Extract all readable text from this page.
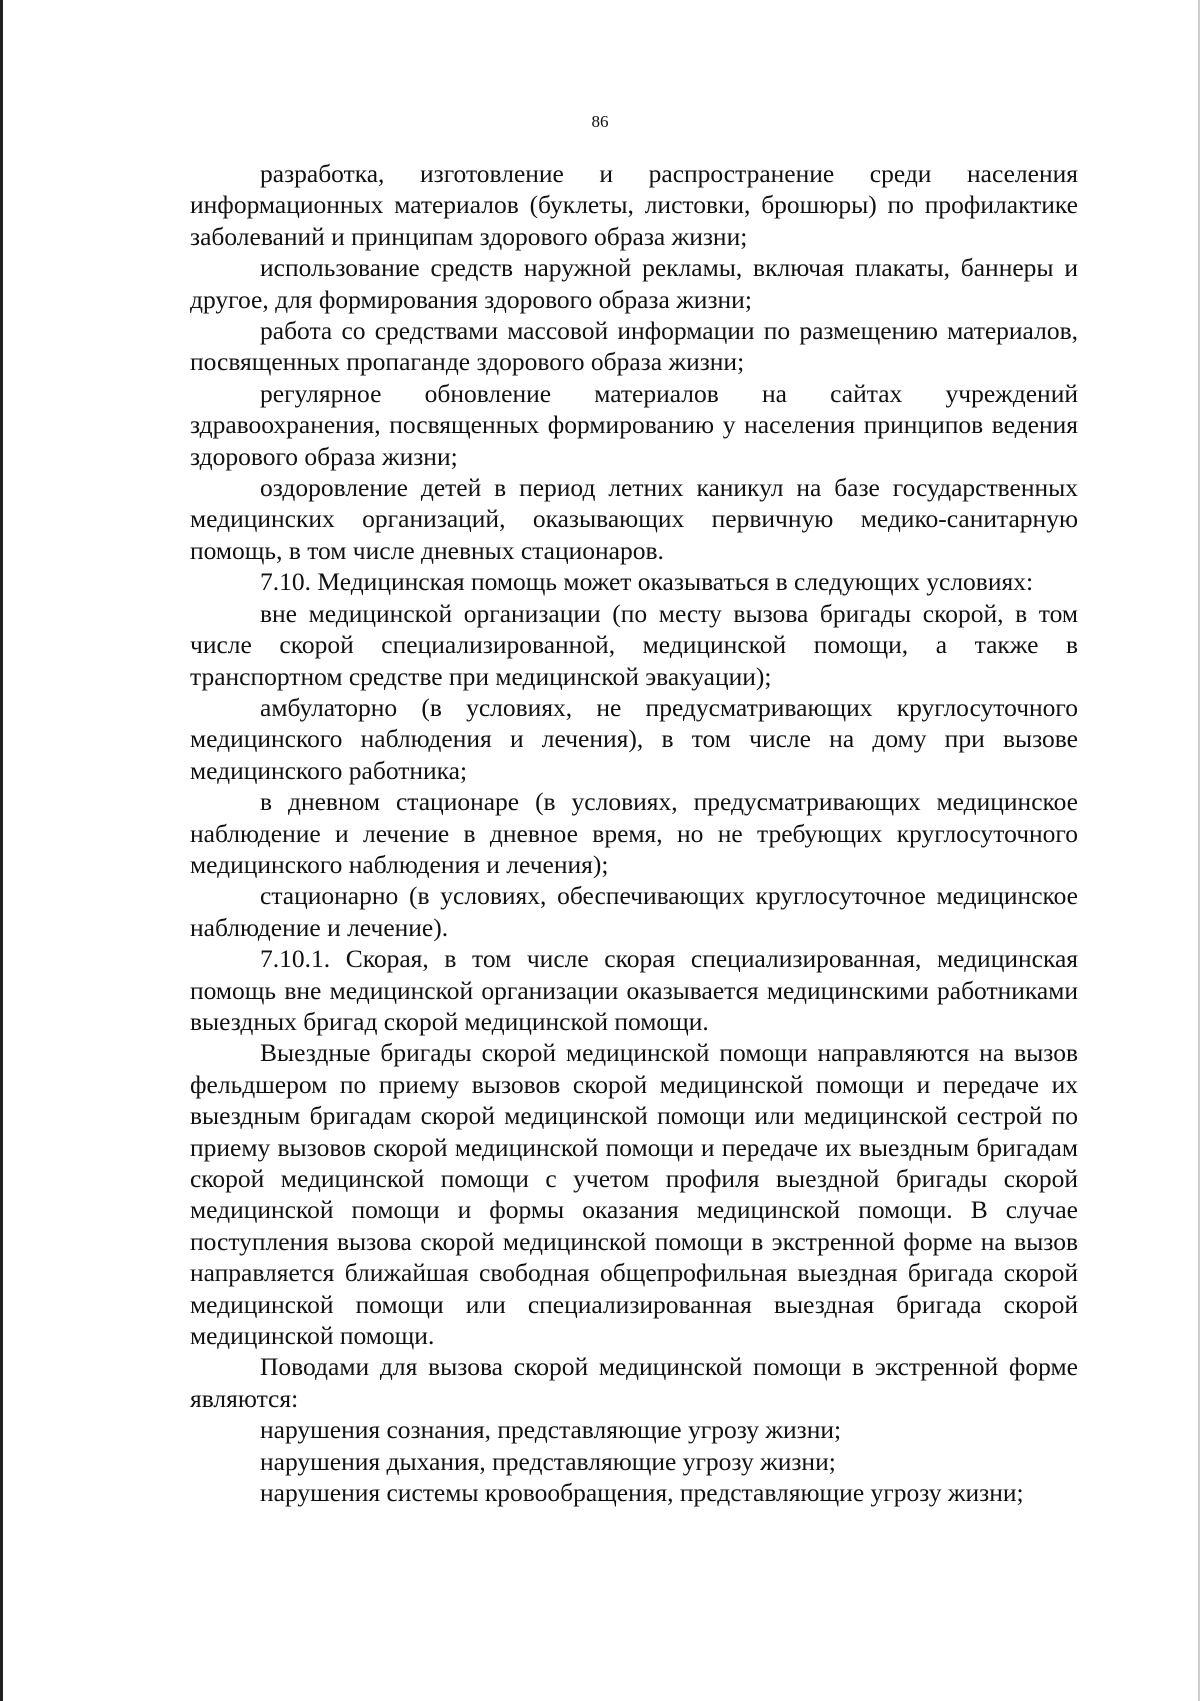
86

разработка, изготовление и распространение среди населения информационных материалов (буклеты, листовки, брошюры) по профилактике заболеваний и принципам здорового образа жизни;

использование средств наружной рекламы, включая плакаты, баннеры и другое, для формирования здорового образа жизни;

работа со средствами массовой информации по размещению материалов, посвященных пропаганде здорового образа жизни;

регулярное обновление материалов на сайтах учреждений здравоохранения, посвященных формированию у населения принципов ведения здорового образа жизни;

оздоровление детей в период летних каникул на базе государственных медицинских организаций, оказывающих первичную медико-санитарную помощь, в том числе дневных стационаров.

7.10. Медицинская помощь может оказываться в следующих условиях:

вне медицинской организации (по месту вызова бригады скорой, в том числе скорой специализированной, медицинской помощи, а также в транспортном средстве при медицинской эвакуации);

амбулаторно (в условиях, не предусматривающих круглосуточного медицинского наблюдения и лечения), в том числе на дому при вызове медицинского работника;

в дневном стационаре (в условиях, предусматривающих медицинское наблюдение и лечение в дневное время, но не требующих круглосуточного медицинского наблюдения и лечения);

стационарно (в условиях, обеспечивающих круглосуточное медицинское наблюдение и лечение).

7.10.1. Скорая, в том числе скорая специализированная, медицинская помощь вне медицинской организации оказывается медицинскими работниками выездных бригад скорой медицинской помощи.

Выездные бригады скорой медицинской помощи направляются на вызов фельдшером по приему вызовов скорой медицинской помощи и передаче их выездным бригадам скорой медицинской помощи или медицинской сестрой по приему вызовов скорой медицинской помощи и передаче их выездным бригадам скорой медицинской помощи с учетом профиля выездной бригады скорой медицинской помощи и формы оказания медицинской помощи. В случае поступления вызова скорой медицинской помощи в экстренной форме на вызов направляется ближайшая свободная общепрофильная выездная бригада скорой медицинской помощи или специализированная выездная бригада скорой медицинской помощи.

Поводами для вызова скорой медицинской помощи в экстренной форме являются:

нарушения сознания, представляющие угрозу жизни;

нарушения дыхания, представляющие угрозу жизни;

нарушения системы кровообращения, представляющие угрозу жизни;
